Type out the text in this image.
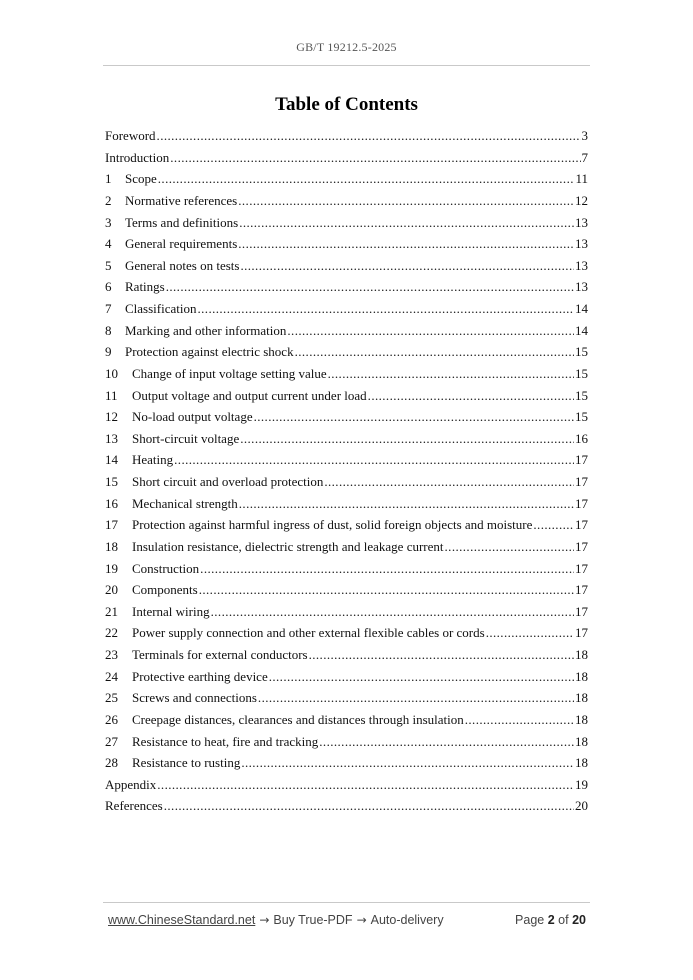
GB/T 19212.5-2025
Table of Contents
Foreword .....	3
Introduction .....	7
1	Scope .....	11
2	Normative references .....	12
3	Terms and definitions .....	13
4	General requirements .....	13
5	General notes on tests .....	13
6	Ratings .....	13
7	Classification .....	14
8	Marking and other information .....	14
9	Protection against electric shock .....	15
10	Change of input voltage setting value .....	15
11	Output voltage and output current under load .....	15
12	No-load output voltage .....	15
13	Short-circuit voltage .....	16
14	Heating .....	17
15	Short circuit and overload protection .....	17
16	Mechanical strength .....	17
17	Protection against harmful ingress of dust, solid foreign objects and moisture .....	17
18	Insulation resistance, dielectric strength and leakage current .....	17
19	Construction .....	17
20	Components .....	17
21	Internal wiring .....	17
22	Power supply connection and other external flexible cables or cords .....	17
23	Terminals for external conductors .....	18
24	Protective earthing device .....	18
25	Screws and connections .....	18
26	Creepage distances, clearances and distances through insulation .....	18
27	Resistance to heat, fire and tracking .....	18
28	Resistance to rusting .....	18
Appendix .....	19
References .....	20
www.ChineseStandard.net → Buy True-PDF → Auto-delivery	Page 2 of 20
